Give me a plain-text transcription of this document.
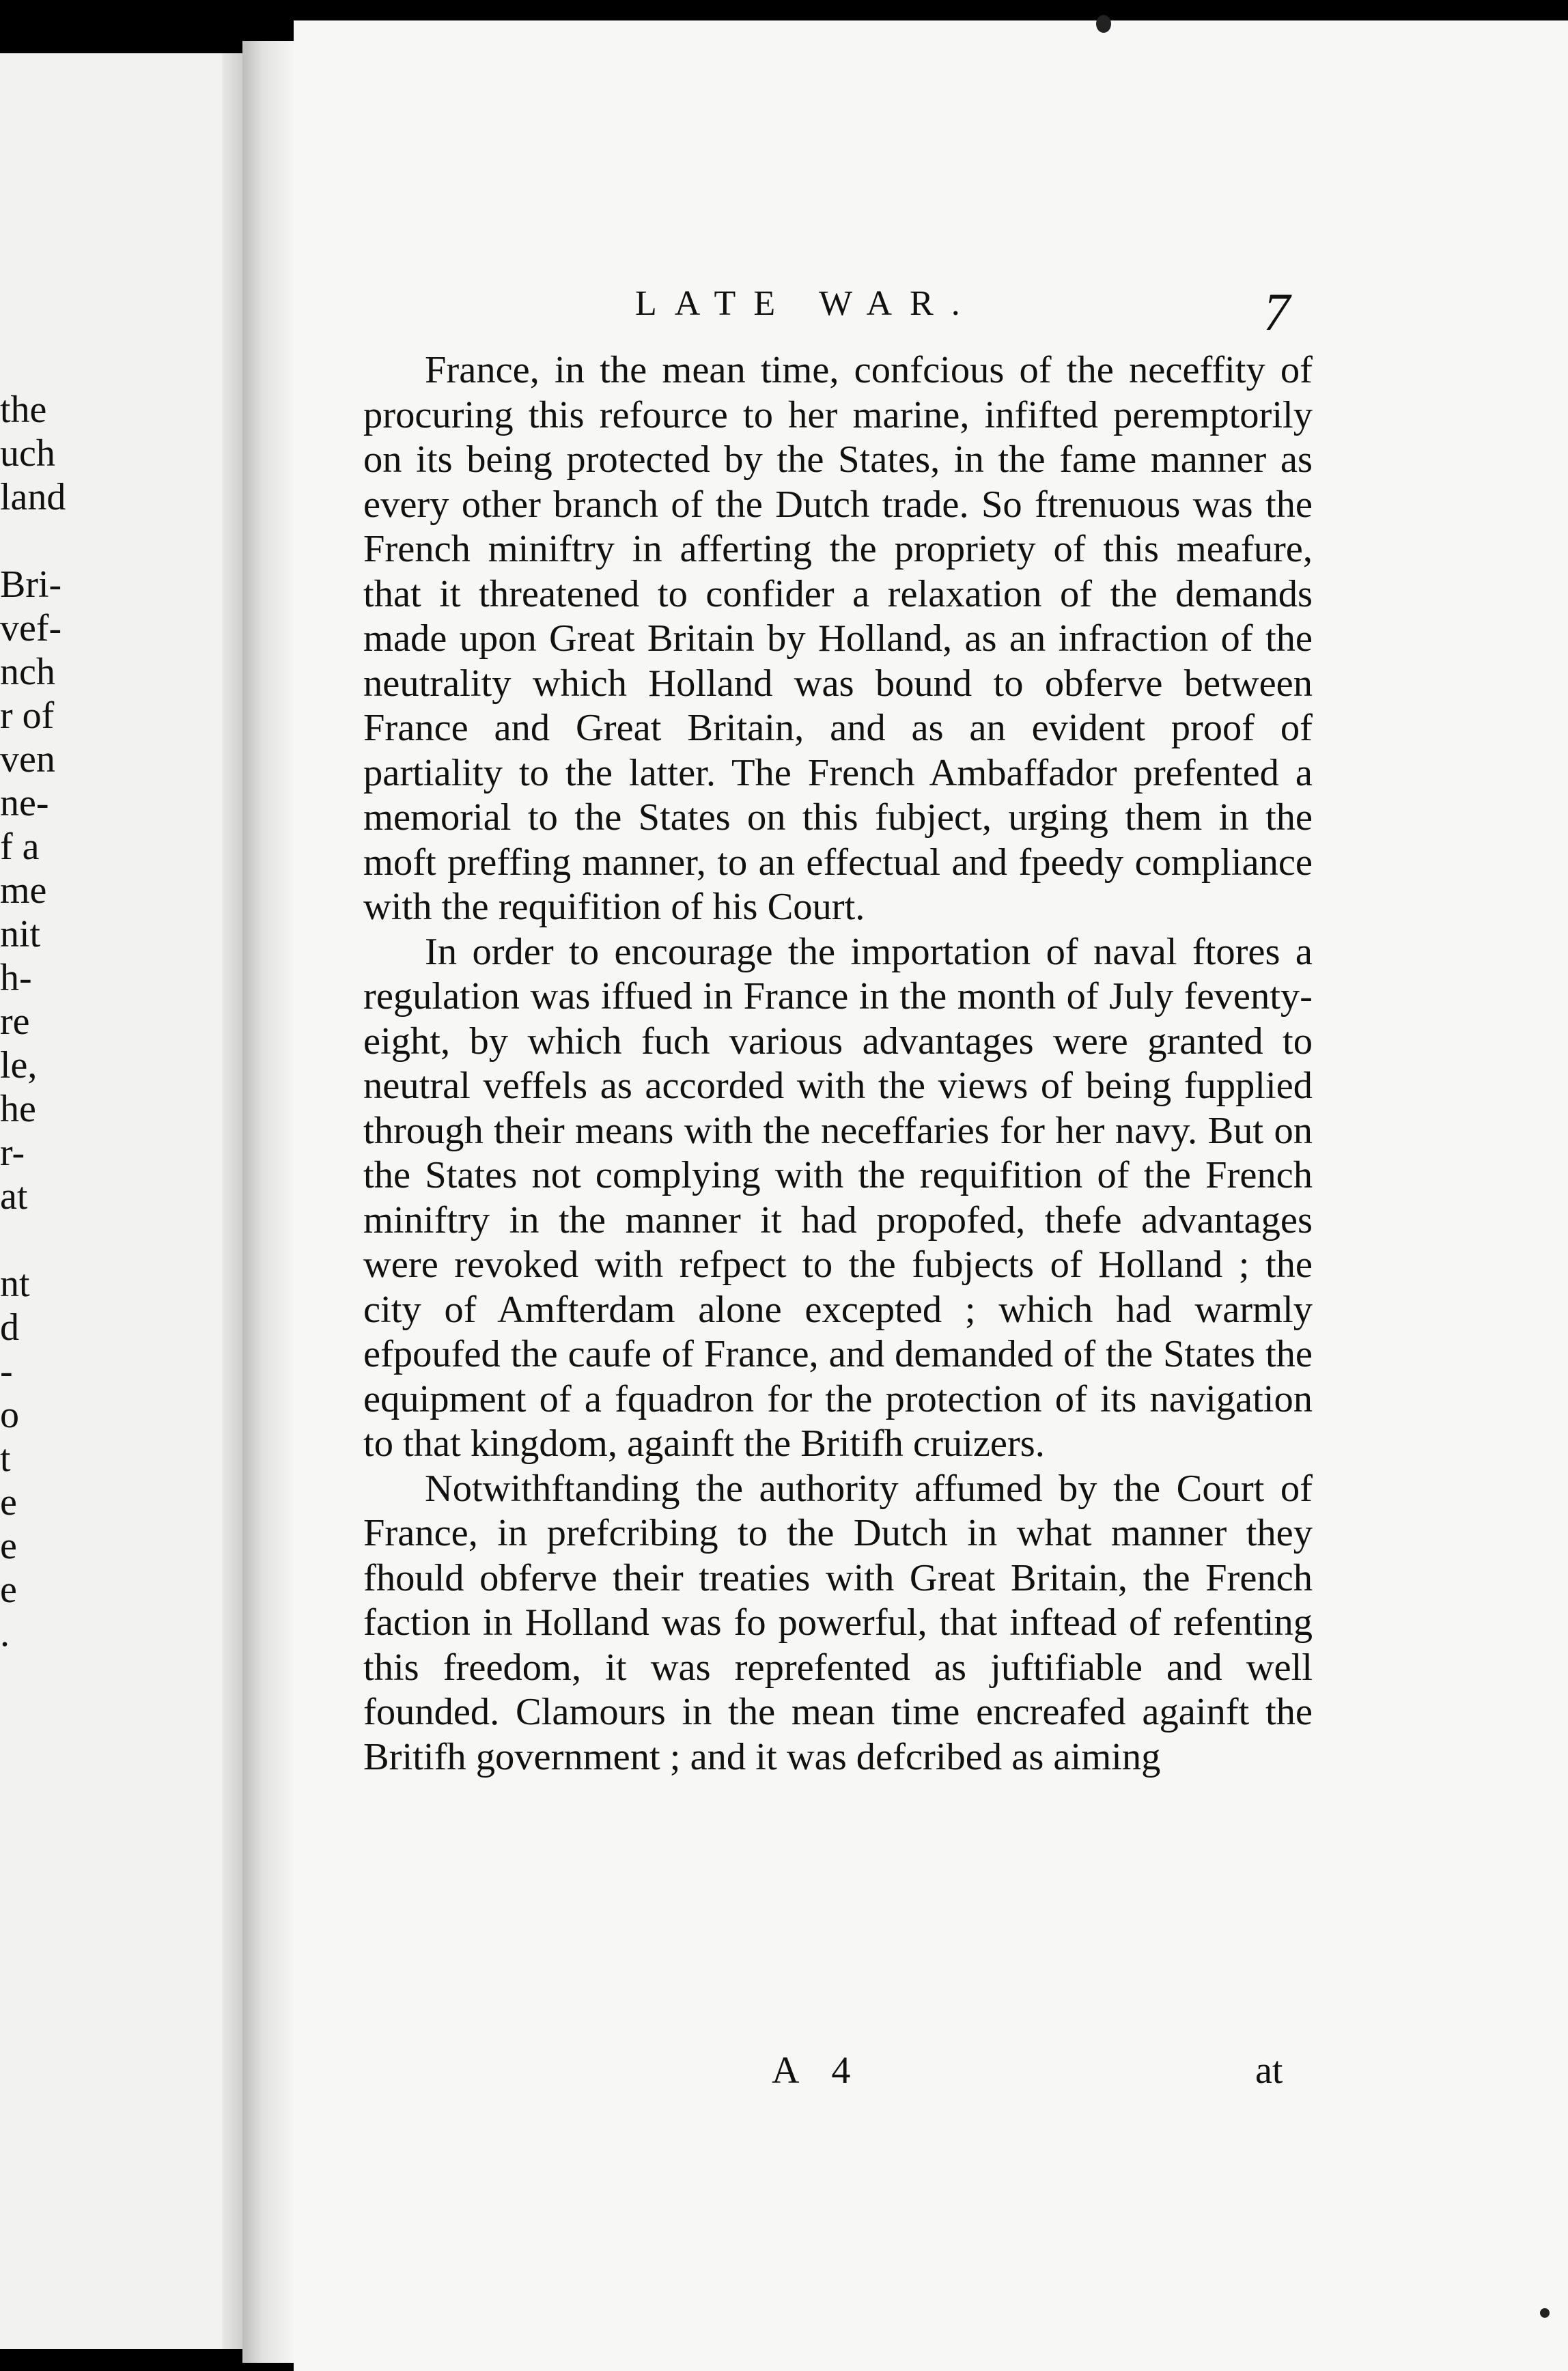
the
uch
land

Bri-
vef-
nch
r of
ven
ne-
f a
me
nit
h-
re
le,
he
r-
at

nt
d
-
o
t
e
e
e
.
LATE WAR.	7

France, in the mean time, confcious of the neceffity of procuring this refource to her marine, infifted peremptorily on its being protected by the States, in the fame manner as every other branch of the Dutch trade. So ftrenuous was the French miniftry in afferting the propriety of this meafure, that it threatened to confider a relaxation of the demands made upon Great Britain by Holland, as an infraction of the neutrality which Holland was bound to obferve between France and Great Britain, and as an evident proof of partiality to the latter. The French Ambaffador prefented a memorial to the States on this fubject, urging them in the moft preffing manner, to an effectual and fpeedy compliance with the requifition of his Court.

In order to encourage the importation of naval ftores a regulation was iffued in France in the month of July feventy-eight, by which fuch various advantages were granted to neutral veffels as accorded with the views of being fupplied through their means with the neceffaries for her navy. But on the States not complying with the requifition of the French miniftry in the manner it had propofed, thefe advantages were revoked with refpect to the fubjects of Holland ; the city of Amfterdam alone excepted ; which had warmly efpoufed the caufe of France, and demanded of the States the equipment of a fquadron for the protection of its navigation to that kingdom, againft the Britifh cruizers.

Notwithftanding the authority affumed by the Court of France, in prefcribing to the Dutch in what manner they fhould obferve their treaties with Great Britain, the French faction in Holland was fo powerful, that inftead of refenting this freedom, it was reprefented as juftifiable and well founded. Clamours in the mean time encreafed againft the Britifh government ; and it was defcribed as aiming

A 4	at
